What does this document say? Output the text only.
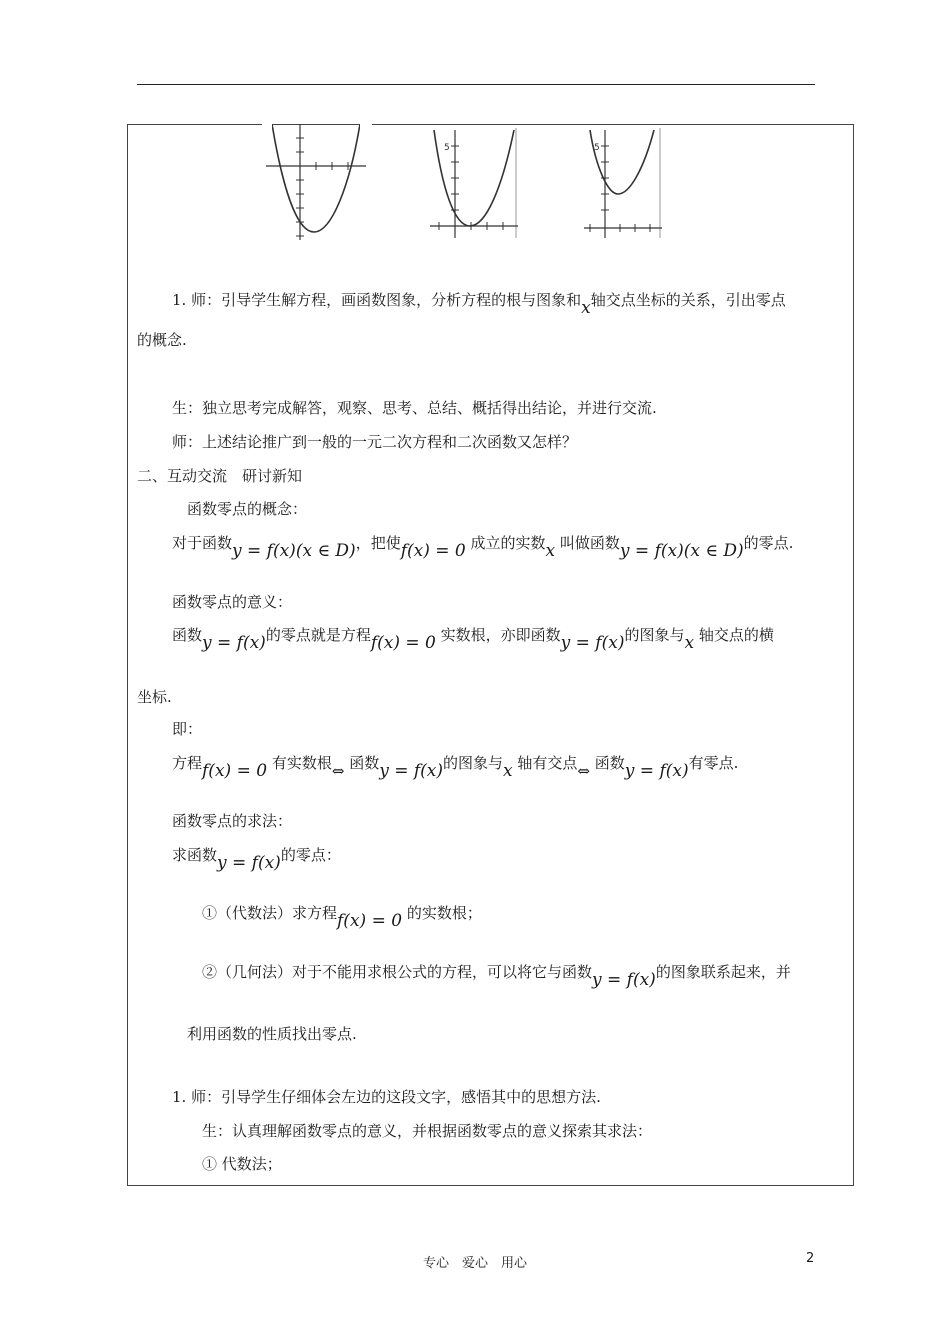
5	5
1. 师：引导学生解方程，画函数图象，分析方程的根与图象和x轴交点坐标的关系，引出零点
的概念.
生：独立思考完成解答，观察、思考、总结、概括得出结论，并进行交流.
师：上述结论推广到一般的一元二次方程和二次函数又怎样？
二、互动交流　研讨新知
函数零点的概念：
对于函数y = f(x)(x ∈ D)，把使f(x) = 0 成立的实数x 叫做函数y = f(x)(x ∈ D)的零点.
函数零点的意义：
函数y = f(x)的零点就是方程f(x) = 0 实数根，亦即函数y = f(x)的图象与x 轴交点的横
坐标.
即：
方程f(x) = 0 有实数根⇔ 函数y = f(x)的图象与x 轴有交点⇔ 函数y = f(x)有零点.
函数零点的求法：
求函数y = f(x)的零点：
①（代数法）求方程f(x) = 0 的实数根；
②（几何法）对于不能用求根公式的方程，可以将它与函数y = f(x)的图象联系起来，并
利用函数的性质找出零点.
1. 师：引导学生仔细体会左边的这段文字，感悟其中的思想方法.
生：认真理解函数零点的意义，并根据函数零点的意义探索其求法：
① 代数法；
专心　爱心　用心	2
